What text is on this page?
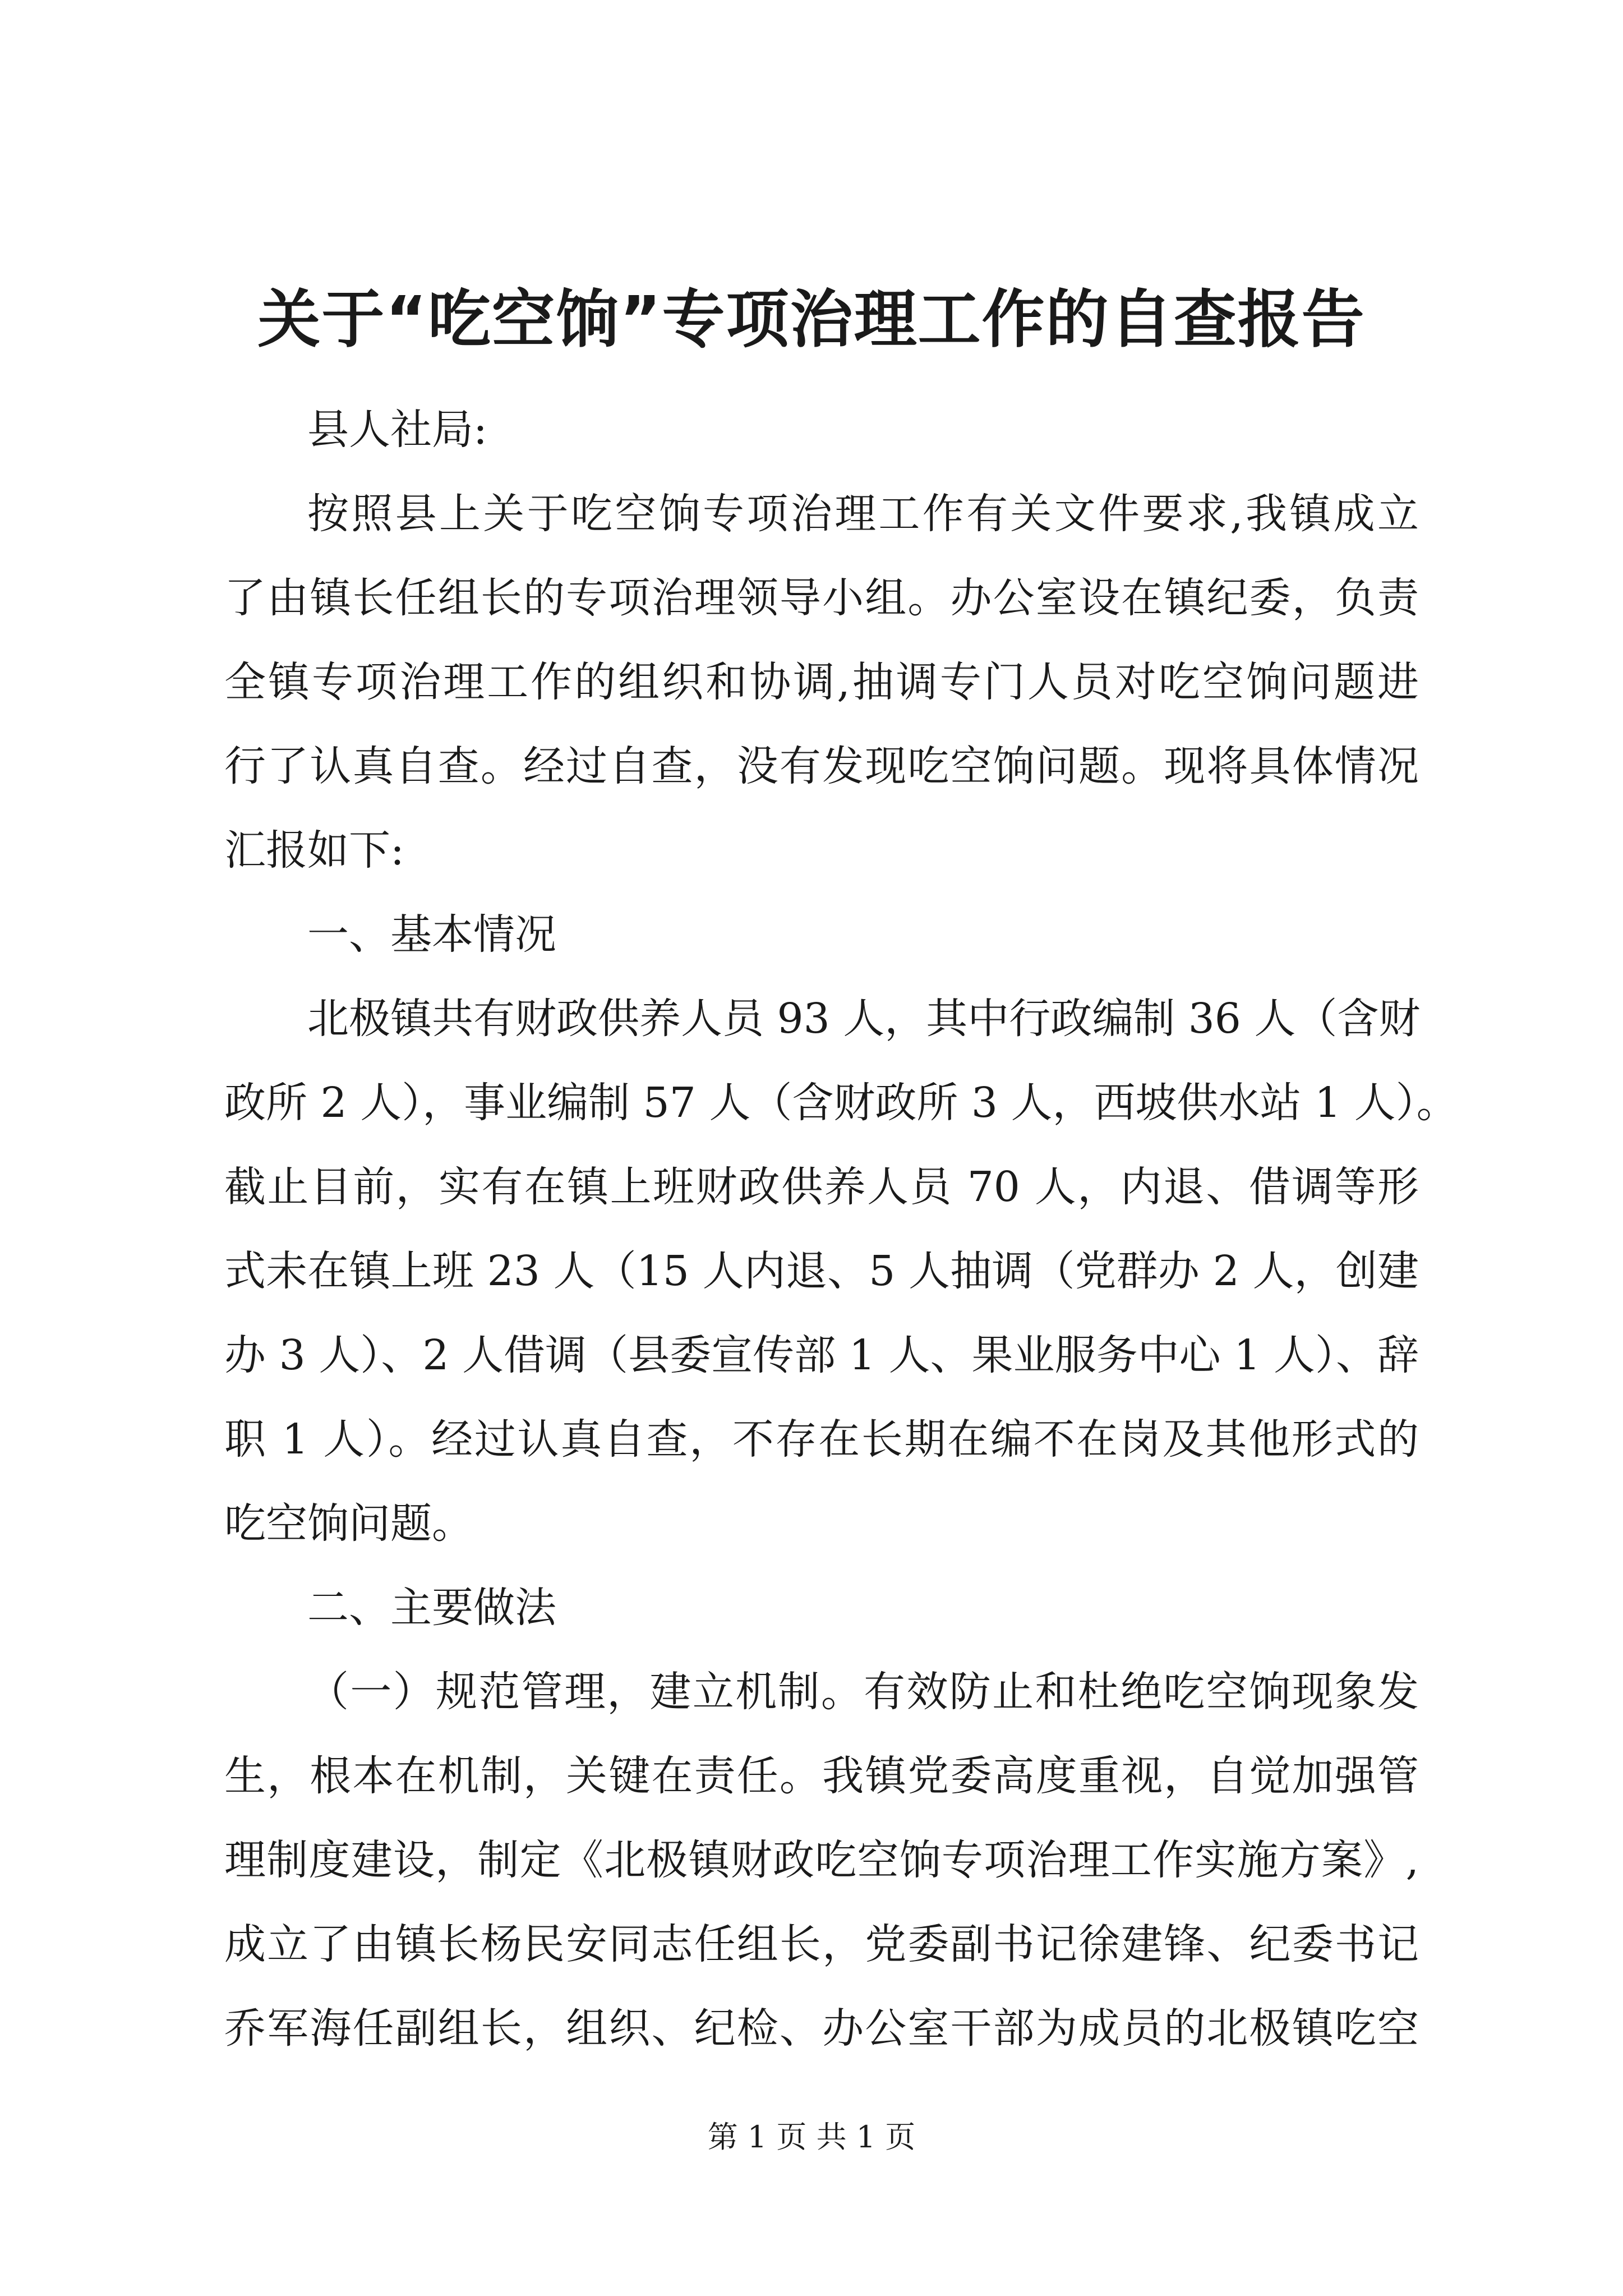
关于“吃空饷”专项治理工作的自查报告
县人社局:
按照县上关于吃空饷专项治理工作有关文件要求,我镇成立
了由镇长任组长的专项治理领导小组。办公室设在镇纪委，负责
全镇专项治理工作的组织和协调,抽调专门人员对吃空饷问题进
行了认真自查。经过自查，没有发现吃空饷问题。现将具体情况
汇报如下:
一、基本情况
北极镇共有财政供养人员 93 人，其中行政编制 36 人（含财
政所 2 人），事业编制 57 人（含财政所 3 人，西坡供水站 1 人）。
截止目前，实有在镇上班财政供养人员 70 人，内退、借调等形
式未在镇上班 23 人（15 人内退、5 人抽调（党群办 2 人，创建
办 3 人）、2 人借调（县委宣传部 1 人、果业服务中心 1 人）、辞
职 1 人）。经过认真自查，不存在长期在编不在岗及其他形式的
吃空饷问题。
二、主要做法
（一）规范管理，建立机制。有效防止和杜绝吃空饷现象发
生，根本在机制，关键在责任。我镇党委高度重视，自觉加强管
理制度建设，制定《北极镇财政吃空饷专项治理工作实施方案》,
成立了由镇长杨民安同志任组长，党委副书记徐建锋、纪委书记
乔军海任副组长，组织、纪检、办公室干部为成员的北极镇吃空
第 1 页 共 1 页
